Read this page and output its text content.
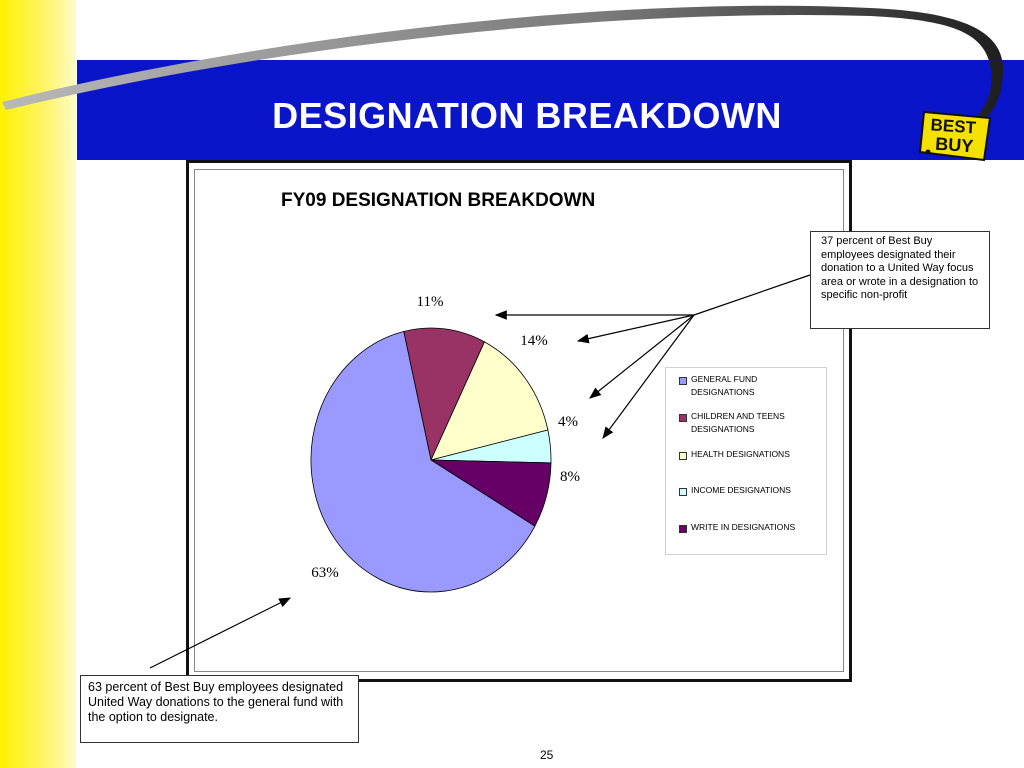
DESIGNATION BREAKDOWN	BEST
BUY
FY09 DESIGNATION BREAKDOWN
11%
14%
4%
8%
63%
GENERAL FUND DESIGNATIONS
CHILDREN AND TEENS DESIGNATIONS
HEALTH DESIGNATIONS
INCOME DESIGNATIONS
WRITE IN DESIGNATIONS
37 percent of Best Buy employees designated their donation to a United Way focus area or wrote in a designation to specific non-profit
63 percent of Best Buy employees designated United Way donations to the general fund with the option to designate.
25
